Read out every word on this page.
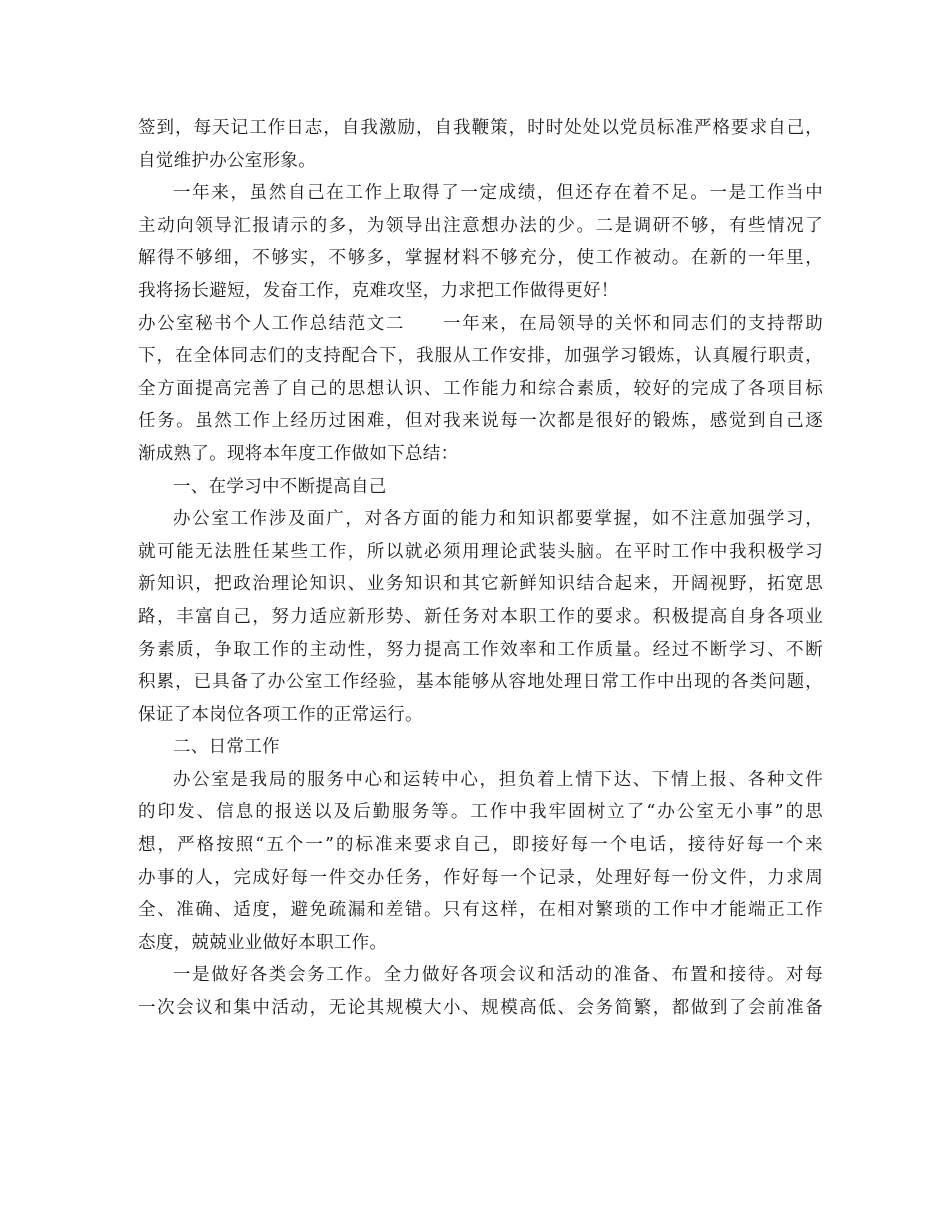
签到，每天记工作日志，自我激励，自我鞭策，时时处处以党员标准严格要求自己，
自觉维护办公室形象。
一年来，虽然自己在工作上取得了一定成绩，但还存在着不足。一是工作当中
主动向领导汇报请示的多，为领导出注意想办法的少。二是调研不够，有些情况了
解得不够细，不够实，不够多，掌握材料不够充分，使工作被动。在新的一年里，
我将扬长避短，发奋工作，克难攻坚，力求把工作做得更好！
办公室秘书个人工作总结范文二　　一年来，在局领导的关怀和同志们的支持帮助
下，在全体同志们的支持配合下，我服从工作安排，加强学习锻炼，认真履行职责，
全方面提高完善了自己的思想认识、工作能力和综合素质，较好的完成了各项目标
任务。虽然工作上经历过困难，但对我来说每一次都是很好的锻炼，感觉到自己逐
渐成熟了。现将本年度工作做如下总结：
一、在学习中不断提高自己
办公室工作涉及面广，对各方面的能力和知识都要掌握，如不注意加强学习，
就可能无法胜任某些工作，所以就必须用理论武装头脑。在平时工作中我积极学习
新知识，把政治理论知识、业务知识和其它新鲜知识结合起来，开阔视野，拓宽思
路，丰富自己，努力适应新形势、新任务对本职工作的要求。积极提高自身各项业
务素质，争取工作的主动性，努力提高工作效率和工作质量。经过不断学习、不断
积累，已具备了办公室工作经验，基本能够从容地处理日常工作中出现的各类问题，
保证了本岗位各项工作的正常运行。
二、日常工作
办公室是我局的服务中心和运转中心，担负着上情下达、下情上报、各种文件
的印发、信息的报送以及后勤服务等。工作中我牢固树立了“办公室无小事”的思
想，严格按照“五个一”的标准来要求自己，即接好每一个电话，接待好每一个来
办事的人，完成好每一件交办任务，作好每一个记录，处理好每一份文件，力求周
全、准确、适度，避免疏漏和差错。只有这样，在相对繁琐的工作中才能端正工作
态度，兢兢业业做好本职工作。
一是做好各类会务工作。全力做好各项会议和活动的准备、布置和接待。对每
一次会议和集中活动，无论其规模大小、规模高低、会务简繁，都做到了会前准备
